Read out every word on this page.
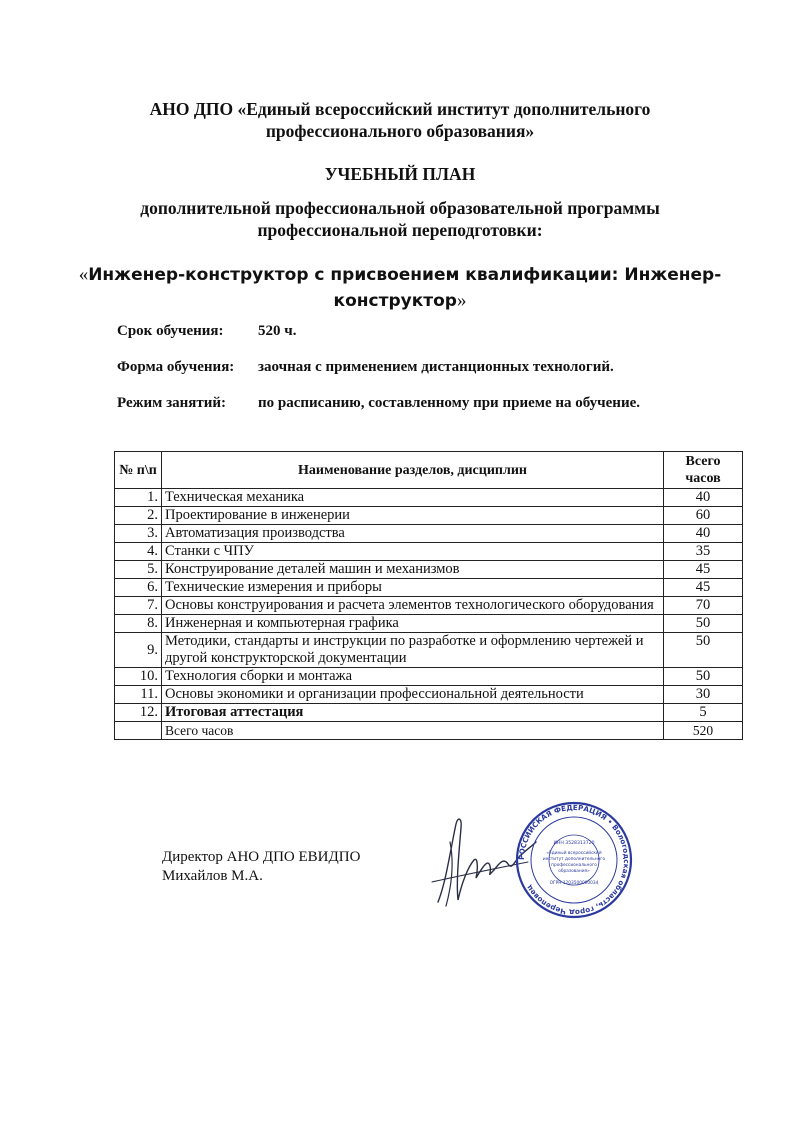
АНО ДПО «Единый всероссийский институт дополнительного
профессионального образования»
УЧЕБНЫЙ ПЛАН
дополнительной профессиональной образовательной программы
профессиональной переподготовки:
«Инженер-конструктор с присвоением квалификации: Инженер-
конструктор»
Срок обучения: 520 ч.
Форма обучения: заочная с применением дистанционных технологий.
Режим занятий: по расписанию, составленному при приеме на обучение.
№ п\п	Наименование разделов, дисциплин	Всего
часов

1.	Техническая механика	40
2.	Проектирование в инженерии	60
3.	Автоматизация производства	40
4.	Станки с ЧПУ	35
5.	Конструирование деталей машин и механизмов	45
6.	Технические измерения и приборы	45
7.	Основы конструирования и расчета элементов технологического оборудования	70
8.	Инженерная и компьютерная графика	50
9.	Методики, стандарты и инструкции по разработке и оформлению чертежей и другой конструкторской документации	50
10.	Технология сборки и монтажа	50
11.	Основы экономики и организации профессиональной деятельности	30
12.	Итоговая аттестация	5
	Всего часов	520
Директор АНО ДПО ЕВИДПО
Михайлов М.А.
РОССИЙСКАЯ ФЕДЕРАЦИЯ • Вологодская область, город Череповец
ИНН 3528313720
«Единый всероссийский
институт дополнительного
профессионального
образования»
ОГРН 1203500000034
